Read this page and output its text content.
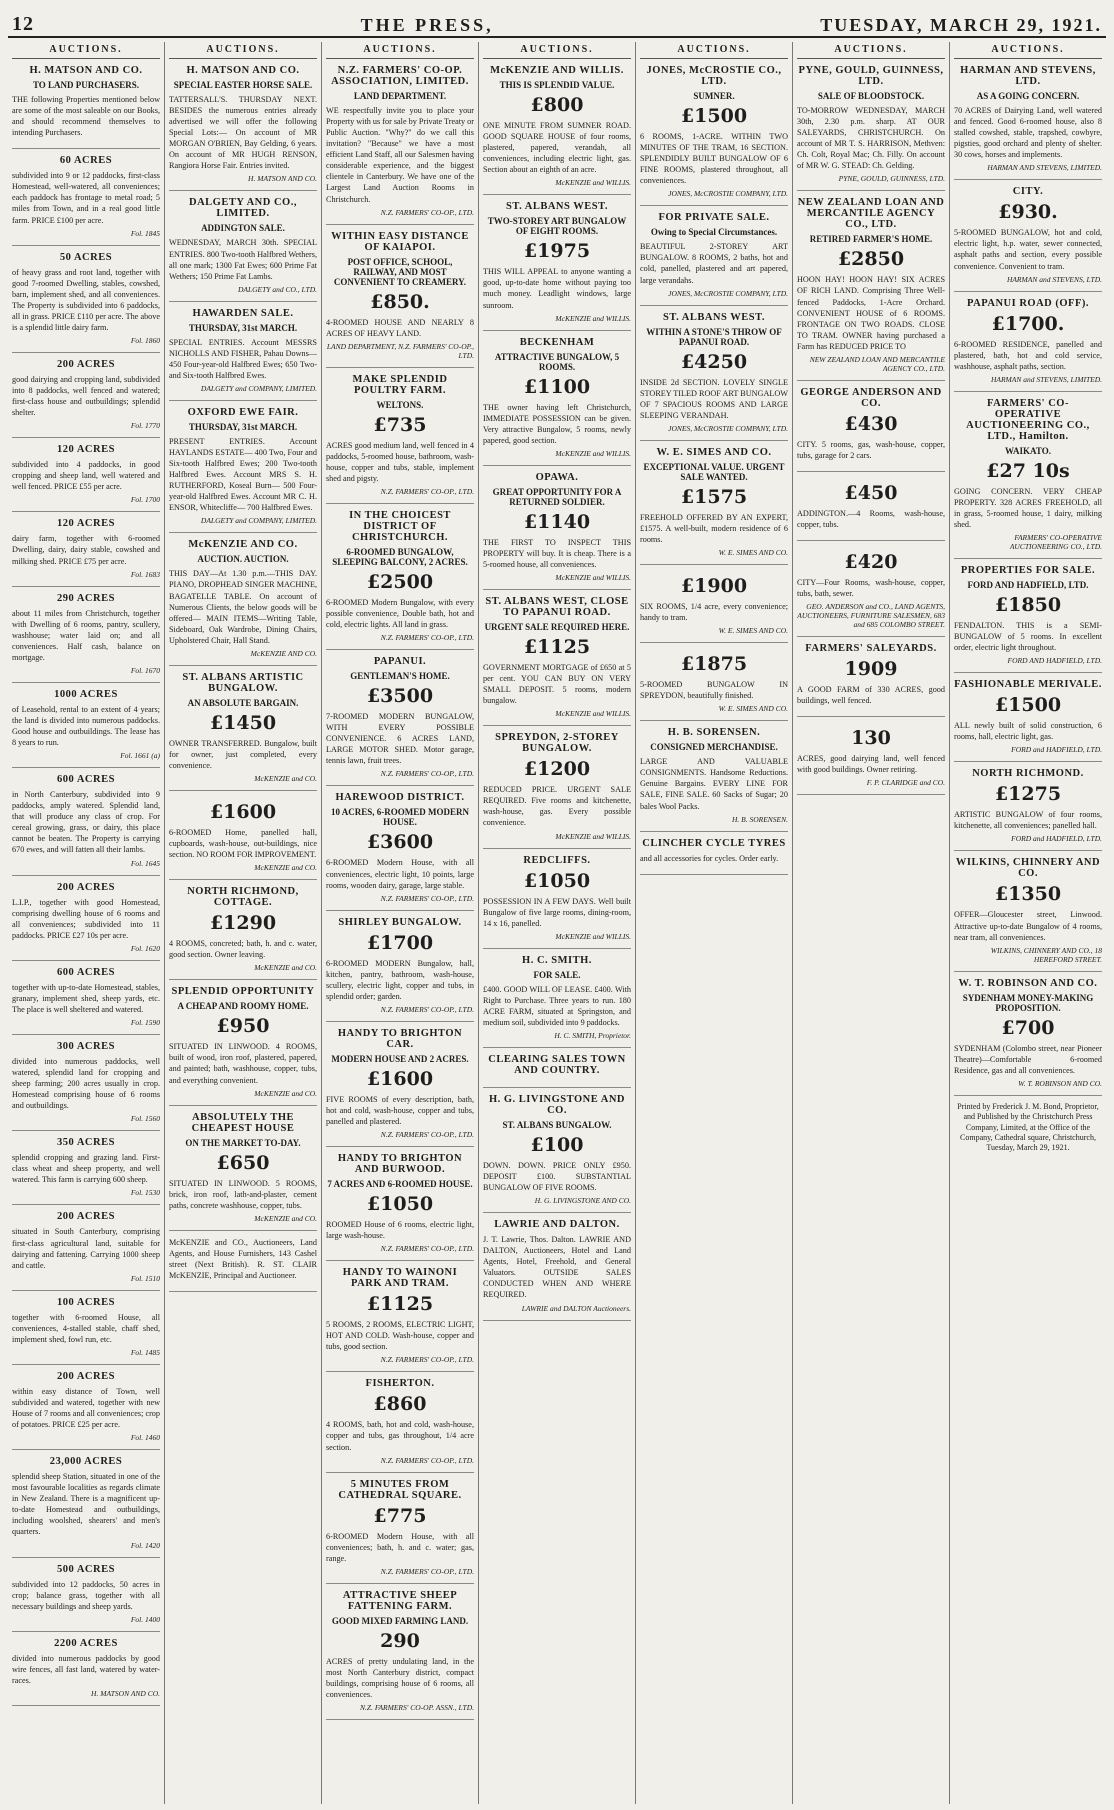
12	THE PRESS,	TUESDAY, MARCH 29, 1921.
AUCTIONS.
H. MATSON AND CO.
TO LAND PURCHASERS.

THE following Properties mentioned below are some of the most saleable on our Books, and should recommend themselves to intending Purchasers.

60 ACRES

subdivided into 9 or 12 paddocks, first-class Homestead, well-watered, all conveniences; each paddock has frontage to metal road; 5 miles from Town, and in a real good little farm. PRICE £100 per acre.

Fol. 1845
50 ACRES

of heavy grass and root land, together with good 7-roomed Dwelling, stables, cowshed, barn, implement shed, and all conveniences. The Property is subdivided into 6 paddocks, all in grass. PRICE £110 per acre. The above is a splendid little dairy farm.

Fol. 1860
200 ACRES

good dairying and cropping land, subdivided into 8 paddocks, well fenced and watered; first-class house and outbuildings; splendid shelter.

Fol. 1770
120 ACRES

subdivided into 4 paddocks, in good cropping and sheep land, well watered and well fenced. PRICE £55 per acre.

Fol. 1700
120 ACRES

dairy farm, together with 6-roomed Dwelling, dairy, dairy stable, cowshed and milking shed. PRICE £75 per acre.

Fol. 1683
290 ACRES

about 11 miles from Christchurch, together with Dwelling of 6 rooms, pantry, scullery, washhouse; water laid on; and all conveniences. Half cash, balance on mortgage.

Fol. 1670
1000 ACRES

of Leasehold, rental to an extent of 4 years; the land is divided into numerous paddocks. Good house and outbuildings. The lease has 8 years to run.

Fol. 1661 (a)
600 ACRES

in North Canterbury, subdivided into 9 paddocks, amply watered. Splendid land, that will produce any class of crop. For cereal growing, grass, or dairy, this place cannot be beaten. The Property is carrying 670 ewes, and will fatten all their lambs.

Fol. 1645
200 ACRES

L.I.P., together with good Homestead, comprising dwelling house of 6 rooms and all conveniences; subdivided into 11 paddocks. PRICE £27 10s per acre.

Fol. 1620
600 ACRES

together with up-to-date Homestead, stables, granary, implement shed, sheep yards, etc. The place is well sheltered and watered.

Fol. 1590
300 ACRES

divided into numerous paddocks, well watered, splendid land for cropping and sheep farming; 200 acres usually in crop. Homestead comprising house of 6 rooms and outbuildings.

Fol. 1560
350 ACRES

splendid cropping and grazing land. First-class wheat and sheep property, and well watered. This farm is carrying 600 sheep.

Fol. 1530
200 ACRES

situated in South Canterbury, comprising first-class agricultural land, suitable for dairying and fattening. Carrying 1000 sheep and cattle.

Fol. 1510
100 ACRES

together with 6-roomed House, all conveniences, 4-stalled stable, chaff shed, implement shed, fowl run, etc.

Fol. 1485
200 ACRES

within easy distance of Town, well subdivided and watered, together with new House of 7 rooms and all conveniences; crop of potatoes. PRICE £25 per acre.

Fol. 1460
23,000 ACRES

splendid sheep Station, situated in one of the most favourable localities as regards climate in New Zealand. There is a magnificent up-to-date Homestead and outbuildings, including woolshed, shearers' and men's quarters.

Fol. 1420
500 ACRES

subdivided into 12 paddocks, 50 acres in crop; balance grass, together with all necessary buildings and sheep yards.

Fol. 1400
2200 ACRES

divided into numerous paddocks by good wire fences, all fast land, watered by water-races.

H. MATSON AND CO.
AUCTIONS.
H. MATSON AND CO.
SPECIAL EASTER HORSE SALE.

TATTERSALL'S. THURSDAY NEXT. BESIDES the numerous entries already advertised we will offer the following Special Lots:— On account of MR MORGAN O'BRIEN, Bay Gelding, 6 years. On account of MR HUGH RENSON, Rangiora Horse Fair. Entries invited.

H. MATSON AND CO.
DALGETY AND CO., LIMITED.
ADDINGTON SALE.

WEDNESDAY, MARCH 30th. SPECIAL ENTRIES. 800 Two-tooth Halfbred Wethers, all one mark; 1300 Fat Ewes; 600 Prime Fat Wethers; 150 Prime Fat Lambs.

DALGETY and CO., LTD.
HAWARDEN SALE.
THURSDAY, 31st MARCH.

SPECIAL ENTRIES. Account MESSRS NICHOLLS AND FISHER, Pahau Downs— 450 Four-year-old Halfbred Ewes; 650 Two- and Six-tooth Halfbred Ewes.

DALGETY and COMPANY, LIMITED.
OXFORD EWE FAIR.
THURSDAY, 31st MARCH.

PRESENT ENTRIES. Account HAYLANDS ESTATE— 400 Two, Four and Six-tooth Halfbred Ewes; 200 Two-tooth Halfbred Ewes. Account MRS S. H. RUTHERFORD, Koseal Burn— 500 Four-year-old Halfbred Ewes. Account MR C. H. ENSOR, Whitecliffe— 700 Halfbred Ewes.

DALGETY and COMPANY, LIMITED.
McKENZIE AND CO.
AUCTION. AUCTION.

THIS DAY—At 1.30 p.m.—THIS DAY. PIANO, DROPHEAD SINGER MACHINE, BAGATELLE TABLE. On account of Numerous Clients, the below goods will be offered— MAIN ITEMS—Writing Table, Sideboard, Oak Wardrobe, Dining Chairs, Upholstered Chair, Hall Stand.

McKENZIE AND CO.
ST. ALBANS ARTISTIC BUNGALOW.
AN ABSOLUTE BARGAIN.
£1450

OWNER TRANSFERRED. Bungalow, built for owner, just completed, every convenience.

McKENZIE and CO.
£1600

6-ROOMED Home, panelled hall, cupboards, wash-house, out-buildings, nice section. NO ROOM FOR IMPROVEMENT.

McKENZIE and CO.
NORTH RICHMOND, COTTAGE.
£1290

4 ROOMS, concreted; bath, h. and c. water, good section. Owner leaving.

McKENZIE and CO.
SPLENDID OPPORTUNITY
A CHEAP AND ROOMY HOME.
£950

SITUATED IN LINWOOD. 4 ROOMS, built of wood, iron roof, plastered, papered, and painted; bath, washhouse, copper, tubs, and everything convenient.

McKENZIE and CO.
ABSOLUTELY THE CHEAPEST HOUSE
ON THE MARKET TO-DAY.
£650

SITUATED IN LINWOOD. 5 ROOMS, brick, iron roof, lath-and-plaster, cement paths, concrete washhouse, copper, tubs.

McKENZIE and CO.

McKENZIE and CO., Auctioneers, Land Agents, and House Furnishers, 143 Cashel street (Next British). R. ST. CLAIR McKENZIE, Principal and Auctioneer.

AUCTIONS.
N.Z. FARMERS' CO-OP. ASSOCIATION, LIMITED.
LAND DEPARTMENT.

WE respectfully invite you to place your Property with us for sale by Private Treaty or Public Auction. "Why?" do we call this invitation? "Because" we have a most efficient Land Staff, all our Salesmen having considerable experience, and the biggest clientele in Canterbury. We have one of the Largest Land Auction Rooms in Christchurch.

N.Z. FARMERS' CO-OP., LTD.
WITHIN EASY DISTANCE OF KAIAPOI.
POST OFFICE, SCHOOL, RAILWAY, AND MOST CONVENIENT TO CREAMERY.
£850.

4-ROOMED HOUSE AND NEARLY 8 ACRES OF HEAVY LAND.

LAND DEPARTMENT, N.Z. FARMERS' CO-OP., LTD.
MAKE SPLENDID POULTRY FARM.
WELTONS.
£735

ACRES good medium land, well fenced in 4 paddocks, 5-roomed house, bathroom, wash-house, copper and tubs, stable, implement shed and pigsty.

N.Z. FARMERS' CO-OP., LTD.
IN THE CHOICEST DISTRICT OF CHRISTCHURCH.
6-ROOMED BUNGALOW, SLEEPING BALCONY, 2 ACRES.
£2500

6-ROOMED Modern Bungalow, with every possible convenience, Double bath, hot and cold, electric lights. All land in grass.

N.Z. FARMERS' CO-OP., LTD.
PAPANUI.
GENTLEMAN'S HOME.
£3500

7-ROOMED MODERN BUNGALOW, WITH EVERY POSSIBLE CONVENIENCE. 6 ACRES LAND, LARGE MOTOR SHED. Motor garage, tennis lawn, fruit trees.

N.Z. FARMERS' CO-OP., LTD.
HAREWOOD DISTRICT.
10 ACRES, 6-ROOMED MODERN HOUSE.
£3600

6-ROOMED Modern House, with all conveniences, electric light, 10 points, large rooms, wooden dairy, garage, large stable.

N.Z. FARMERS' CO-OP., LTD.
SHIRLEY BUNGALOW.
£1700

6-ROOMED MODERN Bungalow, hall, kitchen, pantry, bathroom, wash-house, scullery, electric light, copper and tubs, in splendid order; garden.

N.Z. FARMERS' CO-OP., LTD.
HANDY TO BRIGHTON CAR.
MODERN HOUSE AND 2 ACRES.
£1600

FIVE ROOMS of every description, bath, hot and cold, wash-house, copper and tubs, panelled and plastered.

N.Z. FARMERS' CO-OP., LTD.
HANDY TO BRIGHTON AND BURWOOD.
7 ACRES AND 6-ROOMED HOUSE.
£1050

ROOMED House of 6 rooms, electric light, large wash-house.

N.Z. FARMERS' CO-OP., LTD.
HANDY TO WAINONI PARK AND TRAM.
£1125

5 ROOMS, 2 ROOMS, ELECTRIC LIGHT, HOT AND COLD. Wash-house, copper and tubs, good section.

N.Z. FARMERS' CO-OP., LTD.
FISHERTON.
£860

4 ROOMS, bath, hot and cold, wash-house, copper and tubs, gas throughout, 1/4 acre section.

N.Z. FARMERS' CO-OP., LTD.
5 MINUTES FROM CATHEDRAL SQUARE.
£775

6-ROOMED Modern House, with all conveniences; bath, h. and c. water; gas, range.

N.Z. FARMERS' CO-OP., LTD.
ATTRACTIVE SHEEP FATTENING FARM.
GOOD MIXED FARMING LAND.
290

ACRES of pretty undulating land, in the most North Canterbury district, compact buildings, comprising house of 6 rooms, all conveniences.

N.Z. FARMERS' CO-OP. ASSN., LTD.
AUCTIONS.
McKENZIE AND WILLIS.
THIS IS SPLENDID VALUE.
£800

ONE MINUTE FROM SUMNER ROAD. GOOD SQUARE HOUSE of four rooms, plastered, papered, verandah, all conveniences, including electric light, gas. Section about an eighth of an acre.

McKENZIE and WILLIS.
ST. ALBANS WEST.
TWO-STOREY ART BUNGALOW OF EIGHT ROOMS.
£1975

THIS WILL APPEAL to anyone wanting a good, up-to-date home without paying too much money. Leadlight windows, large sunroom.

McKENZIE and WILLIS.
BECKENHAM
ATTRACTIVE BUNGALOW, 5 ROOMS.
£1100

THE owner having left Christchurch, IMMEDIATE POSSESSION can be given. Very attractive Bungalow, 5 rooms, newly papered, good section.

McKENZIE and WILLIS.
OPAWA.
GREAT OPPORTUNITY FOR A RETURNED SOLDIER.
£1140

THE FIRST TO INSPECT THIS PROPERTY will buy. It is cheap. There is a 5-roomed house, all conveniences.

McKENZIE and WILLIS.
ST. ALBANS WEST, CLOSE TO PAPANUI ROAD.
URGENT SALE REQUIRED HERE.
£1125

GOVERNMENT MORTGAGE of £650 at 5 per cent. YOU CAN BUY ON VERY SMALL DEPOSIT. 5 rooms, modern bungalow.

McKENZIE and WILLIS.
SPREYDON, 2-STOREY BUNGALOW.
£1200

REDUCED PRICE. URGENT SALE REQUIRED. Five rooms and kitchenette, wash-house, gas. Every possible convenience.

McKENZIE and WILLIS.
REDCLIFFS.
£1050

POSSESSION IN A FEW DAYS. Well built Bungalow of five large rooms, dining-room, 14 x 16, panelled.

McKENZIE and WILLIS.
H. C. SMITH.
FOR SALE.

£400. GOOD WILL OF LEASE. £400. With Right to Purchase. Three years to run. 180 ACRE FARM, situated at Springston, and medium soil, subdivided into 9 paddocks.

H. C. SMITH, Proprietor.
CLEARING SALES TOWN AND COUNTRY.
H. G. LIVINGSTONE AND CO.
ST. ALBANS BUNGALOW.
£100

DOWN. DOWN. PRICE ONLY £950. DEPOSIT £100. SUBSTANTIAL BUNGALOW OF FIVE ROOMS.

H. G. LIVINGSTONE AND CO.
LAWRIE AND DALTON.

J. T. Lawrie, Thos. Dalton. LAWRIE AND DALTON, Auctioneers, Hotel and Land Agents, Hotel, Freehold, and General Valuators. OUTSIDE SALES CONDUCTED WHEN AND WHERE REQUIRED.

LAWRIE and DALTON Auctioneers.
AUCTIONS.
JONES, McCROSTIE CO., LTD.
SUMNER.
£1500

6 ROOMS, 1-ACRE. WITHIN TWO MINUTES OF THE TRAM, 16 SECTION. SPLENDIDLY BUILT BUNGALOW OF 6 FINE ROOMS, plastered throughout, all conveniences.

JONES, McCROSTIE COMPANY, LTD.
FOR PRIVATE SALE.
Owing to Special Circumstances.

BEAUTIFUL 2-STOREY ART BUNGALOW. 8 ROOMS, 2 baths, hot and cold, panelled, plastered and art papered, large verandahs.

JONES, McCROSTIE COMPANY, LTD.
ST. ALBANS WEST.
WITHIN A STONE'S THROW OF PAPANUI ROAD.
£4250

INSIDE 2d SECTION. LOVELY SINGLE STOREY TILED ROOF ART BUNGALOW OF 7 SPACIOUS ROOMS AND LARGE SLEEPING VERANDAH.

JONES, McCROSTIE COMPANY, LTD.
W. E. SIMES AND CO.
EXCEPTIONAL VALUE. URGENT SALE WANTED.
£1575

FREEHOLD OFFERED BY AN EXPERT, £1575. A well-built, modern residence of 6 rooms.

W. E. SIMES AND CO.
£1900

SIX ROOMS, 1/4 acre, every convenience; handy to tram.

W. E. SIMES AND CO.
£1875

5-ROOMED BUNGALOW IN SPREYDON, beautifully finished.

W. E. SIMES AND CO.
H. B. SORENSEN.
CONSIGNED MERCHANDISE.

LARGE AND VALUABLE CONSIGNMENTS. Handsome Reductions. Genuine Bargains. EVERY LINE FOR SALE, FINE SALE. 60 Sacks of Sugar; 20 bales Wool Packs.

H. B. SORENSEN.
CLINCHER CYCLE TYRES

and all accessories for cycles. Order early.

AUCTIONS.
PYNE, GOULD, GUINNESS, LTD.
SALE OF BLOODSTOCK.

TO-MORROW WEDNESDAY, MARCH 30th, 2.30 p.m. sharp. AT OUR SALEYARDS, CHRISTCHURCH. On account of MR T. S. HARRISON, Methven: Ch. Colt, Royal Mac; Ch. Filly. On account of MR W. G. STEAD: Ch. Gelding.

PYNE, GOULD, GUINNESS, LTD.
NEW ZEALAND LOAN AND MERCANTILE AGENCY CO., LTD.
RETIRED FARMER'S HOME.
£2850

HOON HAY! HOON HAY! SIX ACRES OF RICH LAND. Comprising Three Well-fenced Paddocks, 1-Acre Orchard. CONVENIENT HOUSE of 6 ROOMS. FRONTAGE ON TWO ROADS. CLOSE TO TRAM. OWNER having purchased a Farm has REDUCED PRICE TO

NEW ZEALAND LOAN AND MERCANTILE AGENCY CO., LTD.
GEORGE ANDERSON AND CO.
£430

CITY. 5 rooms, gas, wash-house, copper, tubs, garage for 2 cars.

£450

ADDINGTON.—4 Rooms, wash-house, copper, tubs.

£420

CITY—Four Rooms, wash-house, copper, tubs, bath, sewer.

GEO. ANDERSON and CO., LAND AGENTS, AUCTIONEERS, FURNITURE SALESMEN, 683 and 685 COLOMBO STREET.
FARMERS' SALEYARDS.
1909

A GOOD FARM of 330 ACRES, good buildings, well fenced.

130

ACRES, good dairying land, well fenced with good buildings. Owner retiring.

F. P. CLARIDGE and CO.
AUCTIONS.
HARMAN AND STEVENS, LTD.
AS A GOING CONCERN.

70 ACRES of Dairying Land, well watered and fenced. Good 6-roomed house, also 8 stalled cowshed, stable, trapshed, cowbyre, pigsties, good orchard and plenty of shelter. 30 cows, horses and implements.

HARMAN AND STEVENS, LIMITED.
CITY.
£930.

5-ROOMED BUNGALOW, hot and cold, electric light, h.p. water, sewer connected, asphalt paths and section, every possible convenience. Convenient to tram.

HARMAN and STEVENS, LTD.
PAPANUI ROAD (OFF).
£1700.

6-ROOMED RESIDENCE, panelled and plastered, bath, hot and cold service, washhouse, asphalt paths, section.

HARMAN and STEVENS, LIMITED.
FARMERS' CO-OPERATIVE AUCTIONEERING CO., LTD., Hamilton.
WAIKATO.
£27 10s

GOING CONCERN. VERY CHEAP PROPERTY. 328 ACRES FREEHOLD, all in grass, 5-roomed house, 1 dairy, milking shed.

FARMERS' CO-OPERATIVE AUCTIONEERING CO., LTD.
PROPERTIES FOR SALE.
FORD AND HADFIELD, LTD.
£1850

FENDALTON. THIS is a SEMI-BUNGALOW of 5 rooms. In excellent order, electric light throughout.

FORD AND HADFIELD, LTD.
FASHIONABLE MERIVALE.
£1500

ALL newly built of solid construction, 6 rooms, hall, electric light, gas.

FORD and HADFIELD, LTD.
NORTH RICHMOND.
£1275

ARTISTIC BUNGALOW of four rooms, kitchenette, all conveniences; panelled hall.

FORD and HADFIELD, LTD.
WILKINS, CHINNERY AND CO.
£1350

OFFER—Gloucester street, Linwood. Attractive up-to-date Bungalow of 4 rooms, near tram, all conveniences.

WILKINS, CHINNERY AND CO., 18 HEREFORD STREET.
W. T. ROBINSON AND CO.
SYDENHAM MONEY-MAKING PROPOSITION.
£700

SYDENHAM (Colombo street, near Pioneer Theatre)—Comfortable 6-roomed Residence, gas and all conveniences.

W. T. ROBINSON AND CO.
Printed by Frederick J. M. Bond, Proprietor, and Published by the Christchurch Press Company, Limited, at the Office of the Company, Cathedral square, Christchurch, Tuesday, March 29, 1921.
